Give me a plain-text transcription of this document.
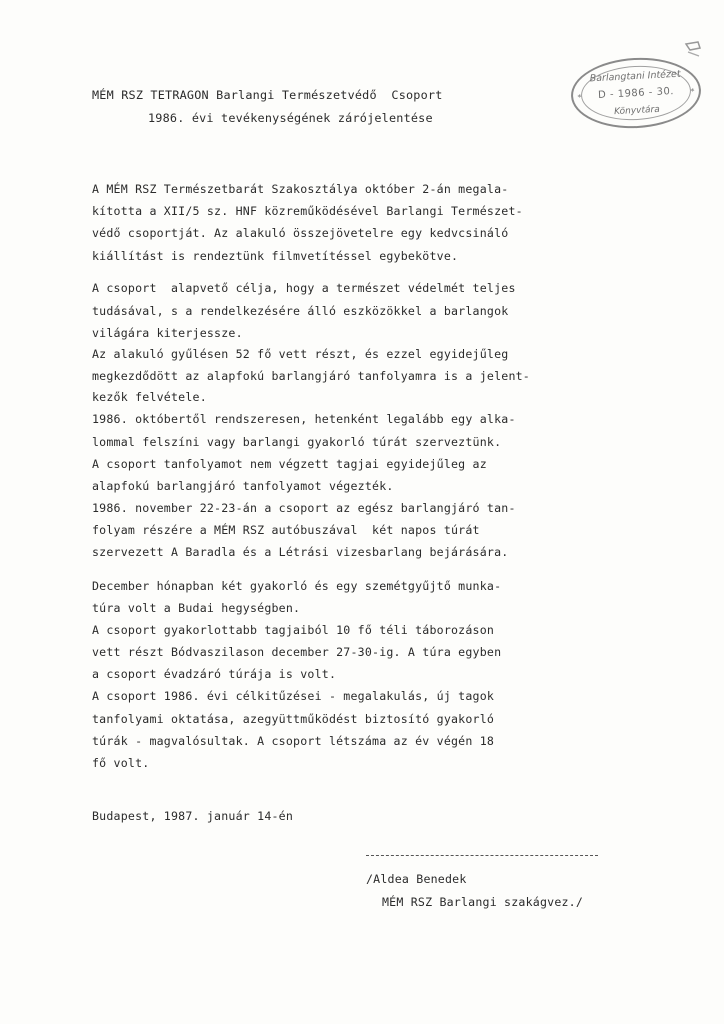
Barlangtani Intézet
D - 1986 - 30.
Könyvtára
*
*
MÉM RSZ TETRAGON Barlangi Természetvédő  Csoport
1986. évi tevékenységének zárójelentése
A MÉM RSZ Természetbarát Szakosztálya október 2-án megala-
kította a XII/5 sz. HNF közreműködésével Barlangi Természet-
védő csoportját. Az alakuló összejövetelre egy kedvcsináló
kiállítást is rendeztünk filmvetítéssel egybekötve.
A csoport  alapvető célja, hogy a természet védelmét teljes
tudásával, s a rendelkezésére álló eszközökkel a barlangok
világára kiterjessze.
Az alakuló gyűlésen 52 fő vett részt, és ezzel egyidejűleg
megkezdődött az alapfokú barlangjáró tanfolyamra is a jelent-
kezők felvétele.
1986. októbertől rendszeresen, hetenként legalább egy alka-
lommal felszíni vagy barlangi gyakorló túrát szerveztünk.
A csoport tanfolyamot nem végzett tagjai egyidejűleg az
alapfokú barlangjáró tanfolyamot végezték.
1986. november 22-23-án a csoport az egész barlangjáró tan-
folyam részére a MÉM RSZ autóbuszával  két napos túrát
szervezett A Baradla és a Létrási vizesbarlang bejárására.
December hónapban két gyakorló és egy szemétgyűjtő munka-
túra volt a Budai hegységben.
A csoport gyakorlottabb tagjaiból 10 fő téli táborozáson
vett részt Bódvaszilason december 27-30-ig. A túra egyben
a csoport évadzáró túrája is volt.
A csoport 1986. évi célkitűzései - megalakulás, új tagok
tanfolyami oktatása, azegyüttműködést biztosító gyakorló
túrák - magvalósultak. A csoport létszáma az év végén 18
fő volt.
Budapest, 1987. január 14-én
/Aldea Benedek
MÉM RSZ Barlangi szakágvez./
